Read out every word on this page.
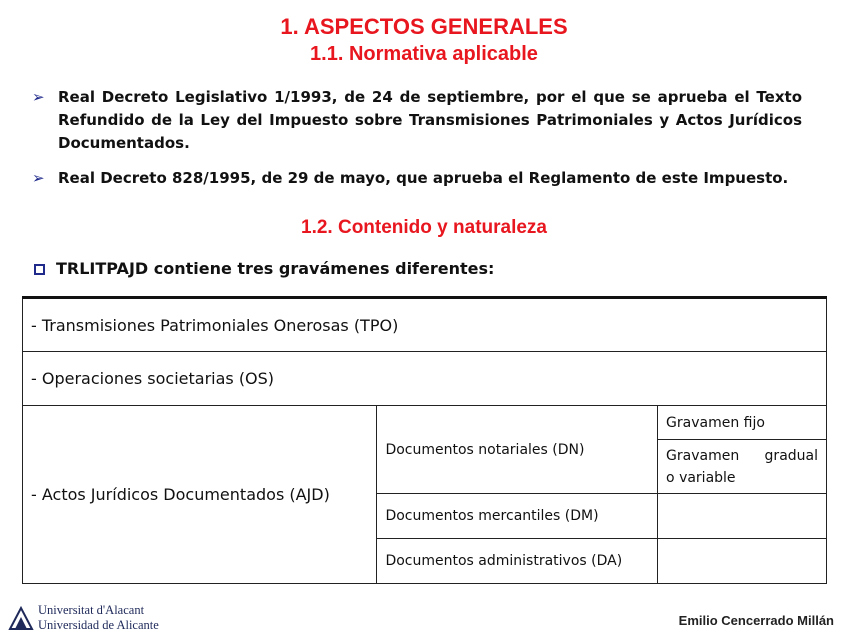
1. ASPECTOS GENERALES
1.1. Normativa aplicable
➢ Real Decreto Legislativo 1/1993, de 24 de septiembre, por el que se aprueba el Texto Refundido de la Ley del Impuesto sobre Transmisiones Patrimoniales y Actos Jurídicos Documentados.
➢ Real Decreto 828/1995, de 29 de mayo, que aprueba el Reglamento de este Impuesto.
1.2. Contenido y naturaleza
TRLITPAJD contiene tres gravámenes diferentes:
- Transmisiones Patrimoniales Onerosas (TPO)		
- Operaciones societarias (OS)		
- Actos Jurídicos Documentados (AJD)	Documentos notariales (DN)	Gravamen fijo

		Gravamen gradual
o variable

	Documentos mercantiles (DM)	
	Documentos administrativos (DA)	
Universitat d'Alacant
Universidad de Alicante	Emilio Cencerrado Millán
